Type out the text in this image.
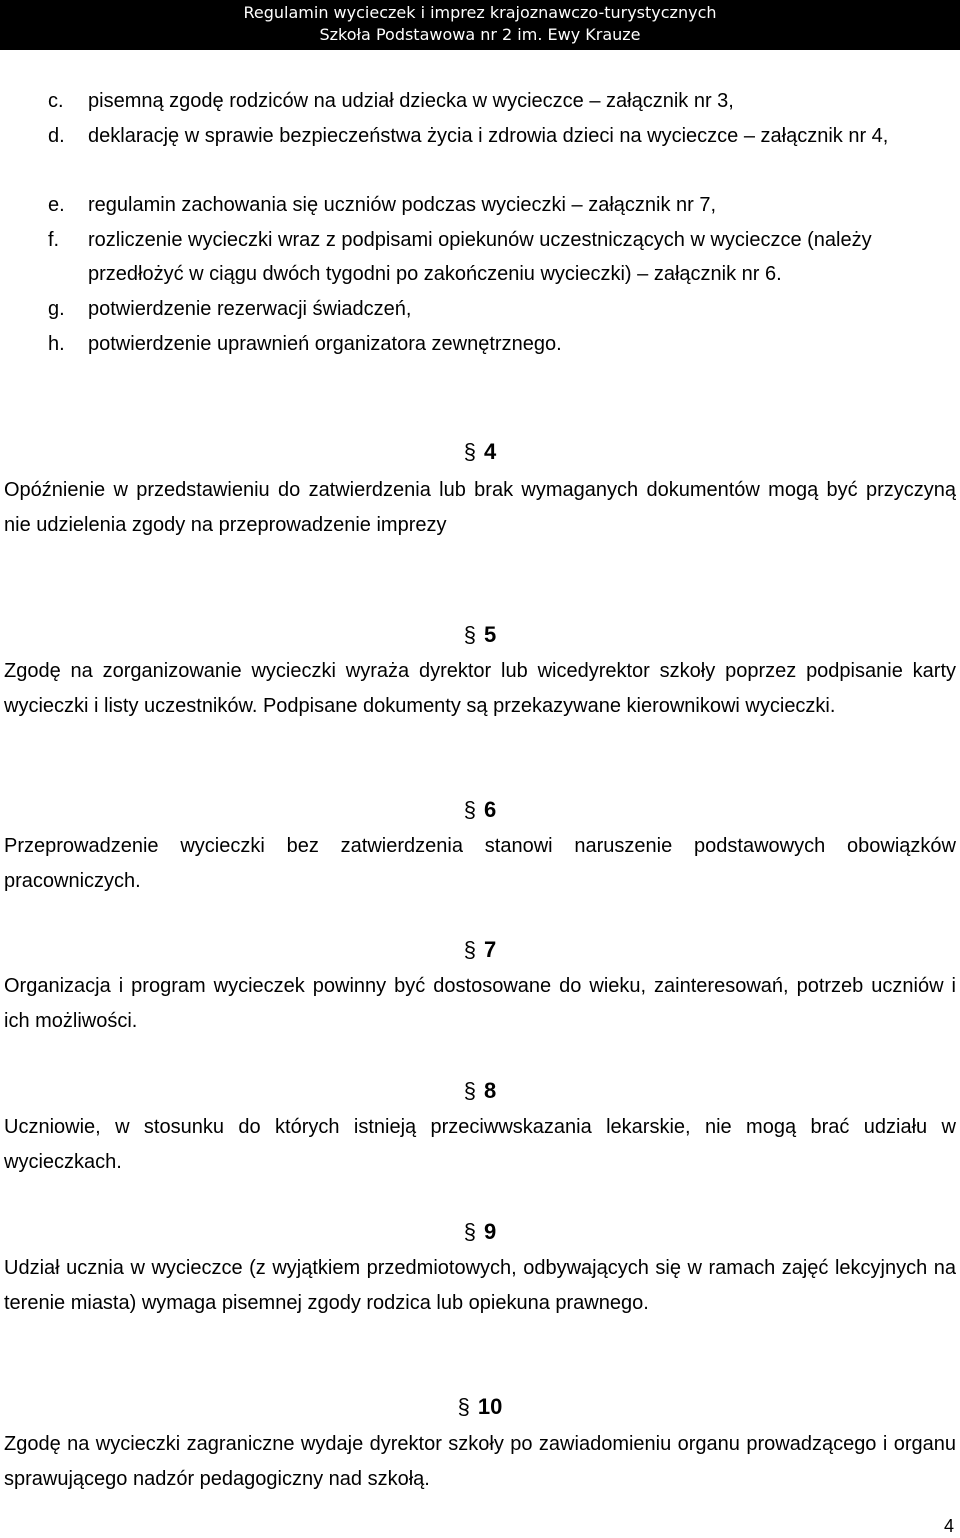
Regulamin wycieczek i imprez krajoznawczo-turystycznych
Szkoła Podstawowa nr 2 im. Ewy Krauze
c. pisemną zgodę rodziców na udział dziecka w wycieczce – załącznik nr 3,
d. deklarację w sprawie bezpieczeństwa życia i zdrowia dzieci na wycieczce – załącznik nr 4,
e. regulamin zachowania się uczniów podczas wycieczki – załącznik nr 7,
f. rozliczenie wycieczki wraz z podpisami opiekunów uczestniczących w wycieczce (należy przedłożyć w ciągu dwóch tygodni po zakończeniu wycieczki) – załącznik nr 6.
g. potwierdzenie rezerwacji świadczeń,
h. potwierdzenie uprawnień organizatora zewnętrznego.
§ 4
Opóźnienie w przedstawieniu do zatwierdzenia lub brak wymaganych dokumentów mogą być przyczyną nie udzielenia zgody na przeprowadzenie imprezy
§ 5
Zgodę na zorganizowanie wycieczki wyraża dyrektor lub wicedyrektor szkoły poprzez podpisanie karty wycieczki i listy uczestników. Podpisane dokumenty są przekazywane kierownikowi wycieczki.
§ 6
Przeprowadzenie wycieczki bez zatwierdzenia stanowi naruszenie podstawowych obowiązków pracowniczych.
§ 7
Organizacja i program wycieczek powinny być dostosowane do wieku, zainteresowań, potrzeb uczniów i ich możliwości.
§ 8
Uczniowie, w stosunku do których istnieją przeciwwskazania lekarskie, nie mogą brać udziału w wycieczkach.
§ 9
Udział ucznia w wycieczce (z wyjątkiem przedmiotowych, odbywających się w ramach zajęć lekcyjnych na terenie miasta) wymaga pisemnej zgody rodzica lub opiekuna prawnego.
§ 10
Zgodę na wycieczki zagraniczne wydaje dyrektor szkoły po zawiadomieniu organu prowadzącego i organu sprawującego nadzór pedagogiczny nad szkołą.
4
